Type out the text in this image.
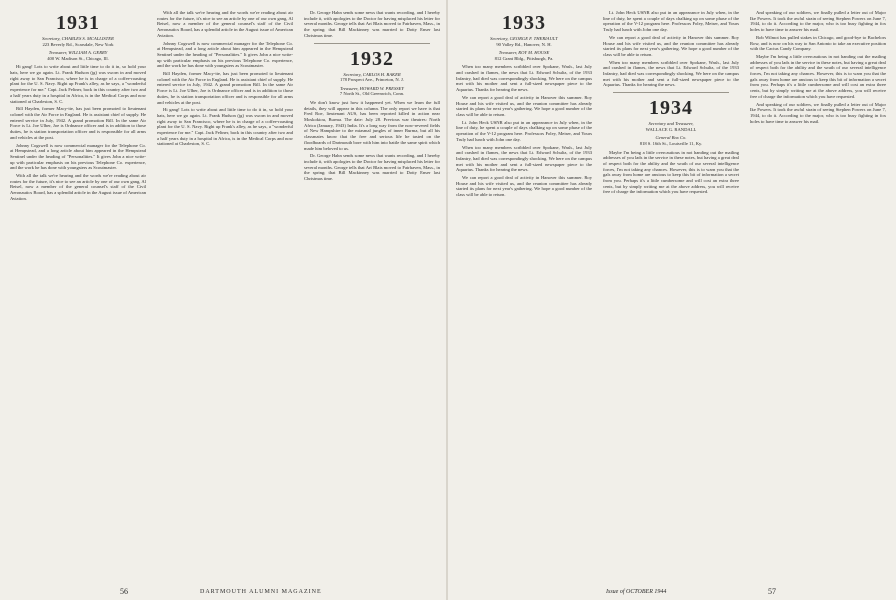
1931

Secretary, CHARLES S. MCALLISTER

223 Beverly Rd., Scarsdale, New York

Treasurer, WILLIAM A. GERRY

400 W. Madison St., Chicago, Ill.

Hi gang! Lots to write about and little time to do it in, so hold your hats, here we go again. Lt. Frank Hudson (jg) was sworn in and moved right away to San Francisco, where he is in charge of a coffee-roasting plant for the U. S. Navy. Right up Frank's alley, as he says, a "wonderful experience for me." Capt. Jack Feltner, back in this country after two and a half years duty in a hospital in Africa, is in the Medical Corps and now stationed at Charleston, S. C.

Bill Hayden, former Macy-ite, has just been promoted to lieutenant colonel with the Air Force in England. He is assistant chief of supply. He entered service in July, 1942. A grand promotion Bill. In the same Air Force is Lt. Joe Ulber, Joe is Ordnance officer and is in addition to those duties, he is station transportation officer and is responsible for all arms and vehicles at the post.

Johnny Cogswell is now commercial manager for the Telephone Co. at Hempstead, and a long article about him appeared in the Hempstead Sentinel under the heading of "Personalities." It gives John a nice write-up with particular emphasis on his previous Telephone Co. experience, and the work he has done with youngsters as Scoutmaster.

With all the talk we're hearing and the words we're reading about air routes for the future, it's nice to see an article by one of our own gang, Al Beisel, now a member of the general counsel's staff of the Civil Aeronautics Board, has a splendid article in the August issue of American Aviation.

With all the talk we're hearing and the words we're reading about air routes for the future, it's nice to see an article by one of our own gang, Al Beisel, now a member of the general counsel's staff of the Civil Aeronautics Board, has a splendid article in the August issue of American Aviation.

Johnny Cogswell is now commercial manager for the Telephone Co. at Hempstead, and a long article about him appeared in the Hempstead Sentinel under the heading of "Personalities." It gives John a nice write-up with particular emphasis on his previous Telephone Co. experience, and the work he has done with youngsters as Scoutmaster.

Bill Hayden, former Macy-ite, has just been promoted to lieutenant colonel with the Air Force in England. He is assistant chief of supply. He entered service in July, 1942. A grand promotion Bill. In the same Air Force is Lt. Joe Ulber, Joe is Ordnance officer and is in addition to those duties, he is station transportation officer and is responsible for all arms and vehicles at the post.

Hi gang! Lots to write about and little time to do it in, so hold your hats, here we go again. Lt. Frank Hudson (jg) was sworn in and moved right away to San Francisco, where he is in charge of a coffee-roasting plant for the U. S. Navy. Right up Frank's alley, as he says, a "wonderful experience for me." Capt. Jack Feltner, back in this country after two and a half years duty in a hospital in Africa, is in the Medical Corps and now stationed at Charleston, S. C.

Dr. George Hahn sends some news that wants recording, and I hereby include it, with apologies to the Doctor for having misplaced his letter for several months. George tells that Art Blais moved to Fairhaven, Mass., in the spring; that Bill Mackinney was married to Dotty Enser last Christmas time.

1932

Secretary, CARLOS H. BAKER

178 Prospect Ave., Princeton, N. J.

Treasurer, HOWARD W. PRESSEY

7 North St., Old Greenwich, Conn.

We don't know just how it happened yet. When we learn the full details, they will appear in this column. The only report we have is that Fred Roe, lieutenant AUS, has been reported killed in action near Moskokiou, Burma. The date: July 28. Previous war theatres: North Africa (January, 1943) India. It's a long way from the now-revered fields of New Hampshire to the miasmal jungles of inner Burma, but all his classmates know that the free and serious life he tasted on the floodboards of Dartmouth bore with him into battle the same spirit which made him beloved to us.

Dr. George Hahn sends some news that wants recording, and I hereby include it, with apologies to the Doctor for having misplaced his letter for several months. George tells that Art Blais moved to Fairhaven, Mass., in the spring; that Bill Mackinney was married to Dotty Enser last Christmas time.

56	DARTMOUTH ALUMNI MAGAZINE
1933

Secretary, GEORGE F. THERIAULT

90 Valley Rd., Hanover, N. H.

Treasurer, ROY M. HOUSE

812 Grant Bldg., Pittsburgh, Pa.

When too many members scribbled over Spokane, Wash., last July and crashed in flames, the news that Lt. Edward Schultz, of the 1933 Infantry, had died was correspondingly shocking. We here on the campus met with his mother and sent a full-sized newspaper piece to the Aquarius. Thanks for hearing the news.

We can report a good deal of activity in Hanover this summer. Roy House and his wife visited us, and the reunion committee has already started its plans for next year's gathering. We hope a good number of the class will be able to return.

Lt. John Heck USNR also put in an appearance in July when, in the line of duty, he spent a couple of days chalking up on some phase of the operation of the V-12 program here. Professors Foley, Meiser, and Yours Truly had lunch with John one day.

When too many members scribbled over Spokane, Wash., last July and crashed in flames, the news that Lt. Edward Schultz, of the 1933 Infantry, had died was correspondingly shocking. We here on the campus met with his mother and sent a full-sized newspaper piece to the Aquarius. Thanks for hearing the news.

We can report a good deal of activity in Hanover this summer. Roy House and his wife visited us, and the reunion committee has already started its plans for next year's gathering. We hope a good number of the class will be able to return.

Lt. John Heck USNR also put in an appearance in July when, in the line of duty, he spent a couple of days chalking up on some phase of the operation of the V-12 program here. Professors Foley, Meiser, and Yours Truly had lunch with John one day.

We can report a good deal of activity in Hanover this summer. Roy House and his wife visited us, and the reunion committee has already started its plans for next year's gathering. We hope a good number of the class will be able to return.

When too many members scribbled over Spokane, Wash., last July and crashed in flames, the news that Lt. Edward Schultz, of the 1933 Infantry, had died was correspondingly shocking. We here on the campus met with his mother and sent a full-sized newspaper piece to the Aquarius. Thanks for hearing the news.

1934

Secretary and Treasurer,

WALLACE G. RANDALL

General Box Co.

818 S. 16th St., Louisville 11, Ky.

Maybe I'm being a little overcautious in not handing out the mailing addresses of you lads in the service in these notes, but having a great deal of respect both for the ability and the wrath of our several intelligence forces, I'm not taking any chances. However, this is to warn you that the gals away from home are anxious to keep this bit of information a secret from you. Perhaps it's a little cumbersome and will cost an extra three cents, but by simply writing me at the above address, you will receive free of charge the information which you have requested.

And speaking of our soldiers, we finally pulled a letter out of Major Ike Powers. It took the awful strain of seeing Stephen Powers on June 7, 1944, to do it. According to the major, who is too busy fighting in fox holes to have time to answer his mail.

Bob Wilmot has pulled stakes in Chicago, and good-bye to Bachelors Row, and is now on his way to San Antonio to take an executive position with the Cactus Candy Company.

Maybe I'm being a little overcautious in not handing out the mailing addresses of you lads in the service in these notes, but having a great deal of respect both for the ability and the wrath of our several intelligence forces, I'm not taking any chances. However, this is to warn you that the gals away from home are anxious to keep this bit of information a secret from you. Perhaps it's a little cumbersome and will cost an extra three cents, but by simply writing me at the above address, you will receive free of charge the information which you have requested.

And speaking of our soldiers, we finally pulled a letter out of Major Ike Powers. It took the awful strain of seeing Stephen Powers on June 7, 1944, to do it. According to the major, who is too busy fighting in fox holes to have time to answer his mail.

Issue of OCTOBER 1944	57
